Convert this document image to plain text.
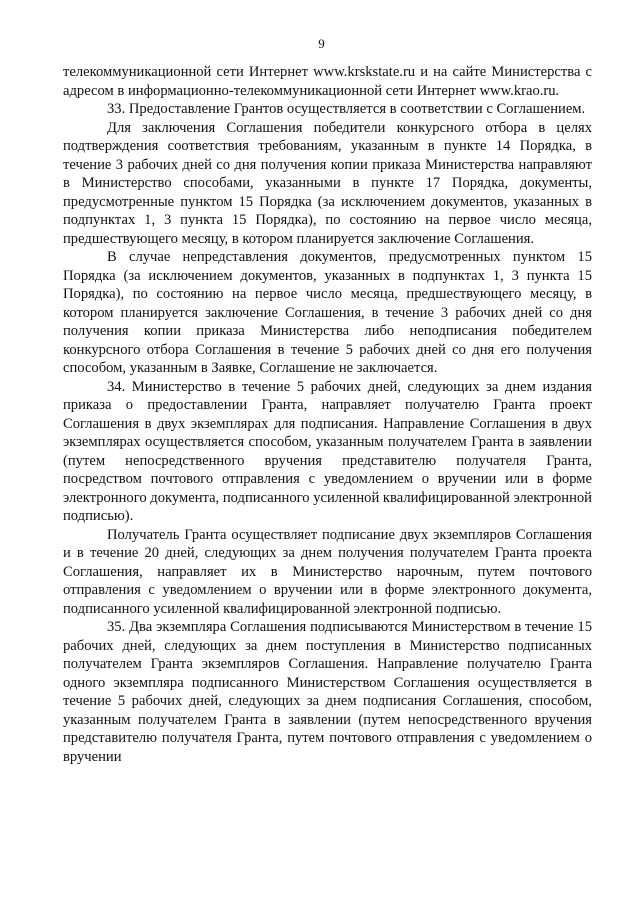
9

телекоммуникационной сети Интернет www.krskstate.ru и на сайте Министерства с адресом в информационно-телекоммуникационной сети Интернет www.krao.ru.

33. Предоставление Грантов осуществляется в соответствии с Соглашением.

Для заключения Соглашения победители конкурсного отбора в целях подтверждения соответствия требованиям, указанным в пункте 14 Порядка, в течение 3 рабочих дней со дня получения копии приказа Министерства направляют в Министерство способами, указанными в пункте 17 Порядка, документы, предусмотренные пунктом 15 Порядка (за исключением документов, указанных в подпунктах 1, 3 пункта 15 Порядка), по состоянию на первое число месяца, предшествующего месяцу, в котором планируется заключение Соглашения.

В случае непредставления документов, предусмотренных пунктом 15 Порядка (за исключением документов, указанных в подпунктах 1, 3 пункта 15 Порядка), по состоянию на первое число месяца, предшествующего месяцу, в котором планируется заключение Соглашения, в течение 3 рабочих дней со дня получения копии приказа Министерства либо неподписания победителем конкурсного отбора Соглашения в течение 5 рабочих дней со дня его получения способом, указанным в Заявке, Соглашение не заключается.

34. Министерство в течение 5 рабочих дней, следующих за днем издания приказа о предоставлении Гранта, направляет получателю Гранта проект Соглашения в двух экземплярах для подписания. Направление Соглашения в двух экземплярах осуществляется способом, указанным получателем Гранта в заявлении (путем непосредственного вручения представителю получателя Гранта, посредством почтового отправления с уведомлением о вручении или в форме электронного документа, подписанного усиленной квалифицированной электронной подписью).

Получатель Гранта осуществляет подписание двух экземпляров Соглашения и в течение 20 дней, следующих за днем получения получателем Гранта проекта Соглашения, направляет их в Министерство нарочным, путем почтового отправления с уведомлением о вручении или в форме электронного документа, подписанного усиленной квалифицированной электронной подписью.

35. Два экземпляра Соглашения подписываются Министерством в течение 15 рабочих дней, следующих за днем поступления в Министерство подписанных получателем Гранта экземпляров Соглашения. Направление получателю Гранта одного экземпляра подписанного Министерством Соглашения осуществляется в течение 5 рабочих дней, следующих за днем подписания Соглашения, способом, указанным получателем Гранта в заявлении (путем непосредственного вручения представителю получателя Гранта, путем почтового отправления с уведомлением о вручении
